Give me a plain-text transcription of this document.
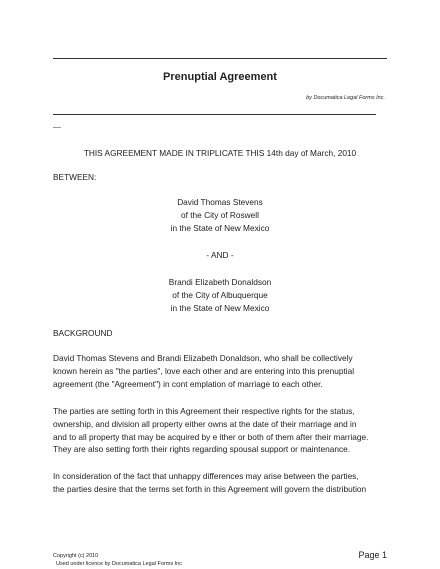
Prenuptial Agreement
by Documatica Legal Forms Inc.
__
THIS AGREEMENT MADE IN TRIPLICATE THIS 14th day of March, 2010
BETWEEN:
David Thomas Stevens
of the City of Roswell
in the State of New Mexico
- AND -
Brandi Elizabeth Donaldson
of the City of Albuquerque
in the State of New Mexico
BACKGROUND
David Thomas Stevens and Brandi Elizabeth Donaldson, who shall be collectively
known herein as "the parties", love each other and are entering into this prenuptial
agreement (the "Agreement") in cont emplation of marriage to each other.
The parties are setting forth in this Agreement their respective rights for the status,
ownership, and division all property either owns at the date of their marriage and in
and to all property that may be acquired by e ither or both of them after their marriage.
They are also setting forth their rights regarding spousal support or maintenance.
In consideration of the fact that unhappy differences may arise between the parties,
the parties desire that the terms set forth in this Agreement will govern the distribution
Copyright (c) 2010
Used under licence by Documatica Legal Forms Inc
Page 1
